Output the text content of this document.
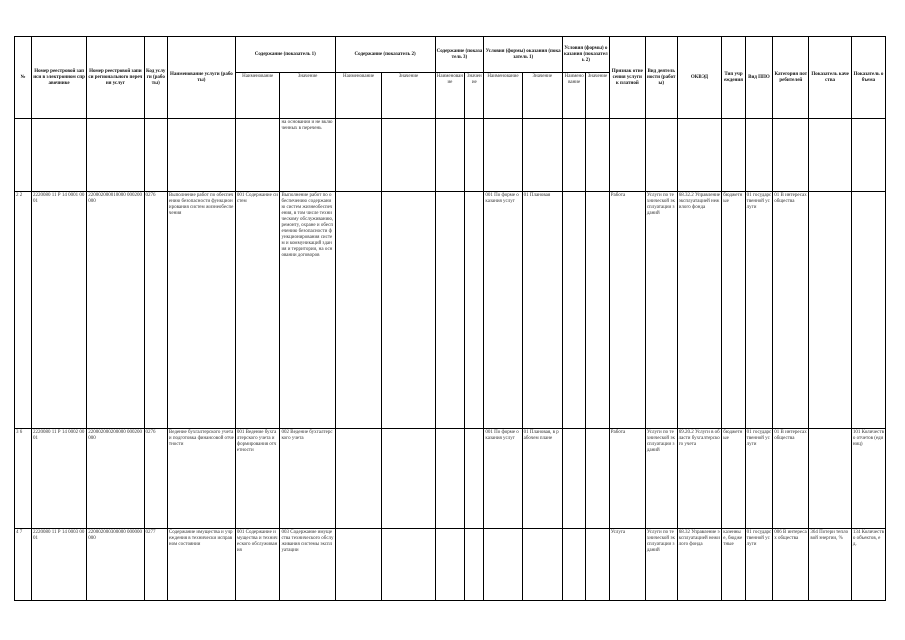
№	Номер реестровой записи в электронном справочнике	Номер реестровой записи регионального перечня услуг	Код услуги (работы)	Наименование услуги (работы)	Содержание (показатель 1)		Содержание (показатель 2)		Содержание (показатель 3)		Условия (формы) оказания (показатель 1)		Условия (формы) оказания (показатель 2)		Признак отнесения услуги к платной	Вид деятельности (работы)	ОКВЭД	Тип учреждения	Вид ППО	Категория потребителей	Показатель качества	Показатель объема
					Наименование	Значение	Наименование	Значение	Наименование	Значение	Наименование	Значение	Наименование	Значение								
						на основании и не включенных в перечень																
2 2	2220080 11 Р 14 0001 0001	220002000010000 000200000	0276	Выполнение работ по обеспечению безопасности функционирования систем жизнеобеспечения	001 Содержание систем	Выполнение работ по обеспечению содержанию систем жизнеобеспечения, в том числе техническому обслуживанию, ремонту, охране и обеспечению безопасности функционирования систем и коммуникаций здания и территории, на основании договоров					001 По форме оказания услуг	01 Плановая			Работа	Услуги по технической эксплуатации зданий	68.32.2 Управление эксплуатацией нежилого фонда	бюджетные	01 государственной услуги	01 В интересах общества		
3 6	2220080 11 Р 14 0002 0001	220002000200000 000200000	0276	Ведение бухгалтерского учета и подготовка финансовой отчетности	001 Ведение бухгалтерского учета и формирования отчетности	002 Ведение бухгалтерского учета					001 По форме оказания услуг	01 Плановая, в рабочем плане			Работа	Услуги по технической эксплуатации зданий	69.20.2 Услуги в области бухгалтерского учета	бюджетные	01 государственной услуги	01 В интересах общества		101 Количество отчетов (единиц)
4 7	2220080 11 Р 14 0003 0001	220002000300000 000000000	0277	Содержание имущества и учреждения в технически исправном состоянии	001 Содержание имущества и технического обслуживания	003 Содержание имущества технического обслуживания системы эксплуатации									Услуга	Услуги по технической эксплуатации зданий	68.32 Управление эксплуатацией нежилого фонда	казенные, бюджетные	01 государственной услуги	006 В интересах общества	364 Потери тепловой энергии, %	134 Количество объектов, ед.
